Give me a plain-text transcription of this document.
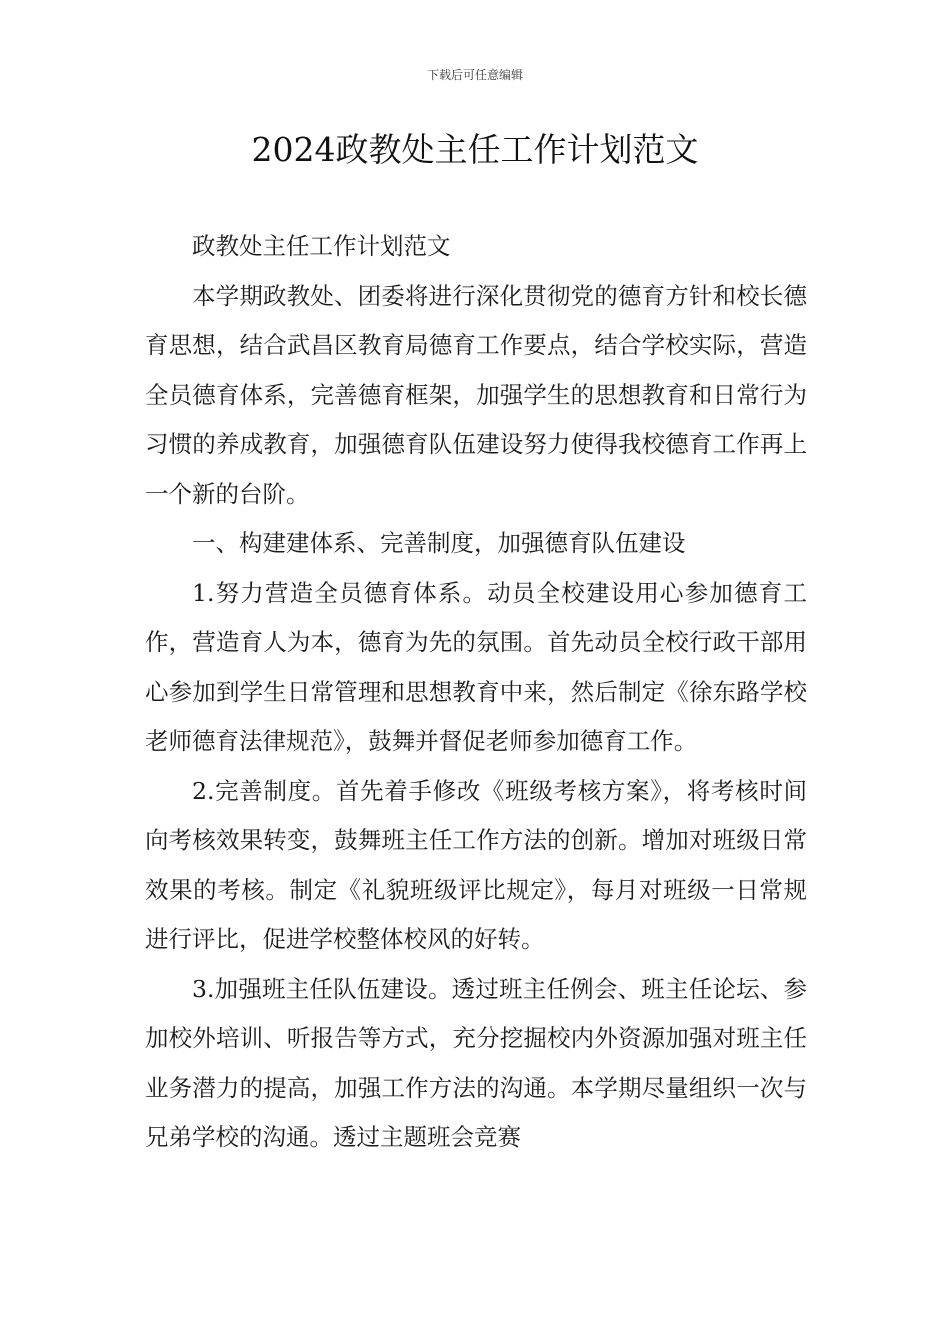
下载后可任意编辑
2024政教处主任工作计划范文

政教处主任工作计划范文

本学期政教处、团委将进行深化贯彻党的德育方针和校长德育思想，结合武昌区教育局德育工作要点，结合学校实际，营造全员德育体系，完善德育框架，加强学生的思想教育和日常行为习惯的养成教育，加强德育队伍建设努力使得我校德育工作再上一个新的台阶。

一、构建建体系、完善制度，加强德育队伍建设

1.努力营造全员德育体系。动员全校建设用心参加德育工作，营造育人为本，德育为先的氛围。首先动员全校行政干部用心参加到学生日常管理和思想教育中来，然后制定《徐东路学校老师德育法律规范》，鼓舞并督促老师参加德育工作。

2.完善制度。首先着手修改《班级考核方案》，将考核时间向考核效果转变，鼓舞班主任工作方法的创新。增加对班级日常效果的考核。制定《礼貌班级评比规定》，每月对班级一日常规进行评比，促进学校整体校风的好转。

3.加强班主任队伍建设。透过班主任例会、班主任论坛、参加校外培训、听报告等方式，充分挖掘校内外资源加强对班主任业务潜力的提高，加强工作方法的沟通。本学期尽量组织一次与兄弟学校的沟通。透过主题班会竞赛
